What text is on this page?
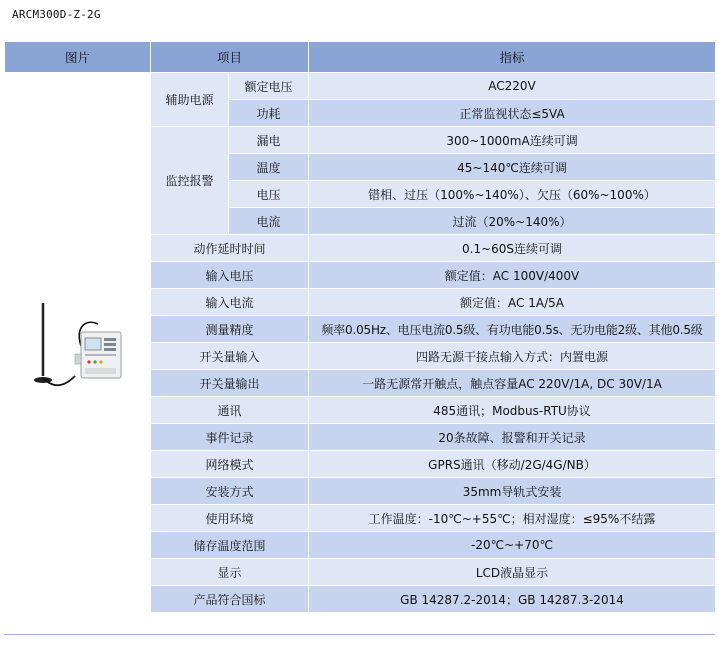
ARCM300D-Z-2G
图片	项目		指标

	辅助电源	额定电压	AC220V
		功耗	正常监视状态≤5VA
	监控报警	漏电	300~1000mA连续可调
		温度	45~140℃连续可调
		电压	错相、过压（100%~140%）、欠压（60%~100%）
		电流	过流（20%~140%）
	动作延时时间		0.1~60S连续可调
	输入电压		额定值：AC 100V/400V
	输入电流		额定值：AC 1A/5A
	测量精度		频率0.05Hz、电压电流0.5级、有功电能0.5s、无功电能2级、其他0.5级
	开关量输入		四路无源干接点输入方式：内置电源
	开关量输出		一路无源常开触点，触点容量AC 220V/1A, DC 30V/1A
	通讯		485通讯；Modbus-RTU协议
	事件记录		20条故障、报警和开关记录
	网络模式		GPRS通讯（移动/2G/4G/NB）
	安装方式		35mm导轨式安装
	使用环境		工作温度：-10℃~+55℃；相对湿度：≤95%不结露
	储存温度范围		-20℃~+70℃
	显示		LCD液晶显示
	产品符合国标		GB 14287.2-2014；GB 14287.3-2014
